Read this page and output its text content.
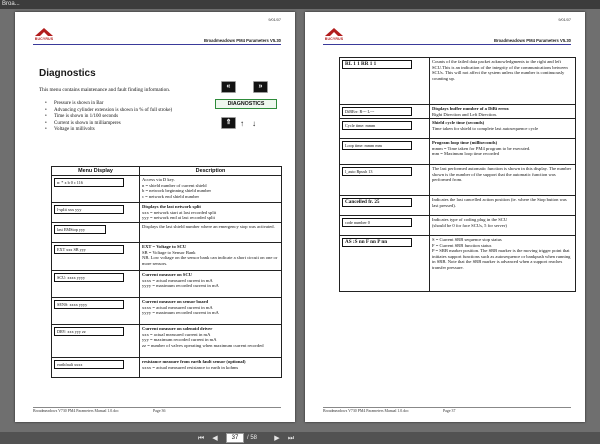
Broa...
9/01/07
BUCYRUS	Broadmeadows PM4 Parameters V5.30
Diagnostics
This menu contains maintenance and fault finding information.
• Pressure is shown in Bar
• Advancing cylinder extension is shown in % of full stroke)
• Time is shown in 1/100 seconds
• Current is shown in milliamperes
• Voltage in millivolts
«	»
DIAGNOSTICS
⇑	↑ ↓
Menu Display	Description

n: * x b 0 c 116	Access via D key.
n = shield number of current shield
b = network beginning shield number
c = network end shield number

l-split xxx yyy	Displays the last network split
xxx = network start at last recorded split
yyy = network end at last recorded split

last EMStop yyy	Displays the last shield number where an emergency stop was activated.

EXT xxx SB yyy	EXT = Voltage to SCU
SB = Voltage to Sensor Bank
NB. Low voltage on the sensor bank can indicate a short circuit on one or more sensors.

SCU: xxxx yyyy	Current measure on SCU
xxxx = actual measured current in mA
yyyy = maximum recorded current in mA

SENS: xxxx yyyy	Current measure on sensor board
xxxx = actual measured current in mA
yyyy = maximum recorded current in mA

DRV: xxx yyy zz	Current measure on solenoid driver
xxx = actual measured current in mA
yyy = maximum recorded current in mA
zz = number of valves operating when maximum current recorded

earthfault xxxx	resistance measure from earth fault sensor (optional)
xxxx = actual measured resistance to earth in kohms
Broadmeadows V730 PM4 Parameters Manual 1.0.doc	Page 36
9/01/07
BUCYRUS	Broadmeadows PM4 Parameters V5.30
RL 1 1 RR 1 1	Counts of the failed data packet acknowledgments to the right and left SCU.This is an indication of the integrity of the communications between SCUs. This will not affect the system unless the number is continuously counting up.

DiBErr: R--- L---	Displays buffer number of a DiBi error.
Right Direction and Left Direction.

Cycle time: mmm	Shield cycle time (seconds)
Time taken for shield to complete last autosequence cycle

Loop time: mmm mm	Program loop time (milliseconds)
mmm = Time taken for PM4 program to be executed.
mm = Maximum loop time recorded

l_auto Bpush 13	The last performed automatic function is shown in this display. The number shown is the number of the support that the automatic function was performed from.

Cancelled fr. 25	Indicates the last cancelled action position (ie. where the Stop button was last pressed).

code number 0	Indicates type of coding plug in the SCU
(should be 0 for face SCUs, 5 for server)

AS :S nn F nn P nn	S = Current SRB sequence stop status
F = Current SRB function status
P = SRB marker position. The SRB marker is the moving trigger point that initiates support functions such as autosequence or bankpush when running in SRB. Note that the SRB marker is advanced when a support reaches transfer pressure.
Broadmeadows V730 PM4 Parameters Manual 1.0.doc	Page 37
⏮	◀	37	/ 58	▶	⏭
